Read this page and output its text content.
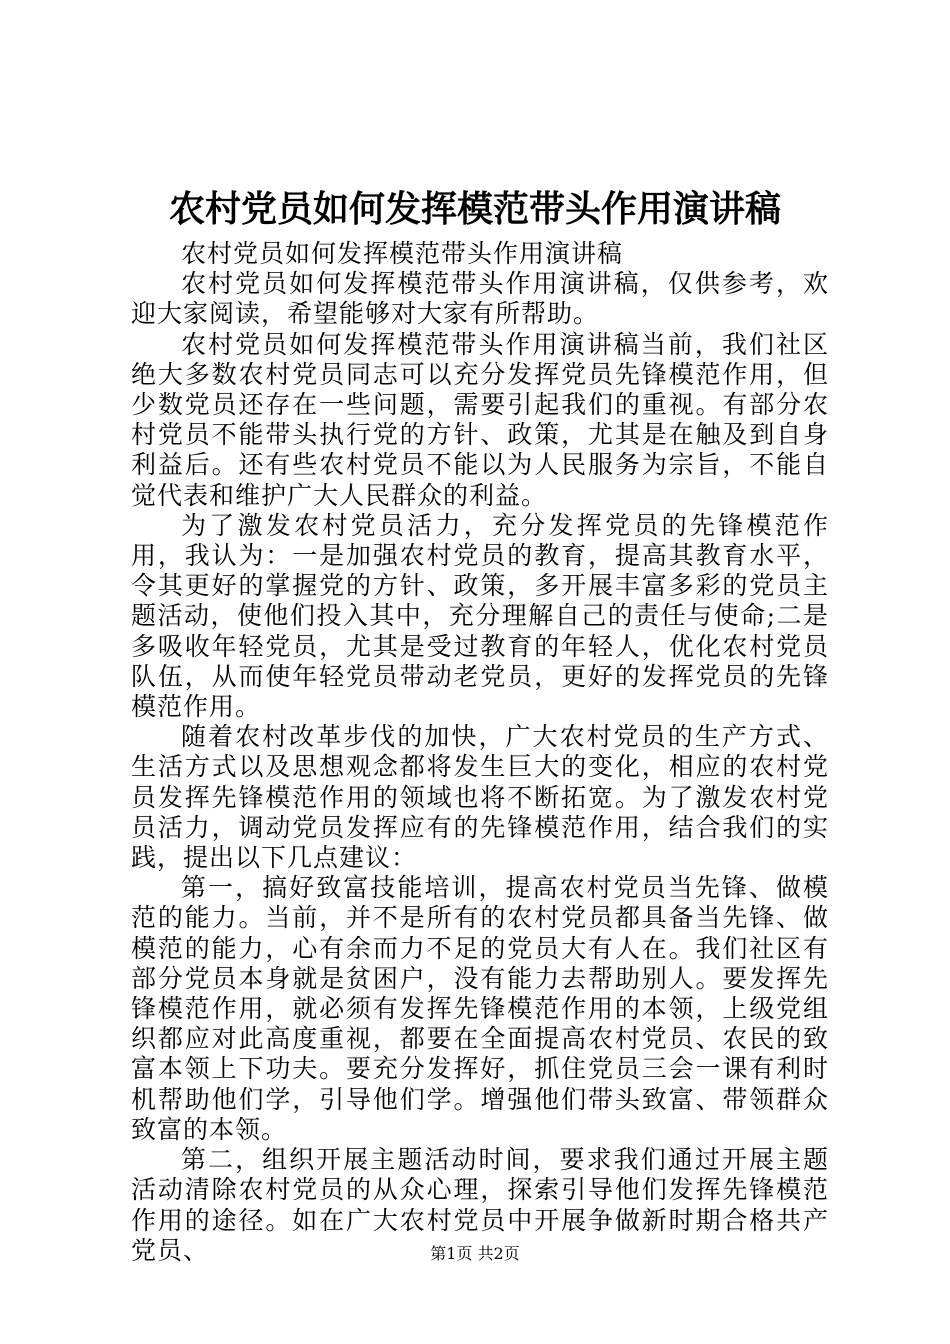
农村党员如何发挥模范带头作用演讲稿

农村党员如何发挥模范带头作用演讲稿

农村党员如何发挥模范带头作用演讲稿，仅供参考，欢迎大家阅读，希望能够对大家有所帮助。

农村党员如何发挥模范带头作用演讲稿当前，我们社区绝大多数农村党员同志可以充分发挥党员先锋模范作用，但少数党员还存在一些问题，需要引起我们的重视。有部分农村党员不能带头执行党的方针、政策，尤其是在触及到自身利益后。还有些农村党员不能以为人民服务为宗旨，不能自觉代表和维护广大人民群众的利益。

为了激发农村党员活力，充分发挥党员的先锋模范作用，我认为：一是加强农村党员的教育，提高其教育水平，令其更好的掌握党的方针、政策，多开展丰富多彩的党员主题活动，使他们投入其中，充分理解自己的责任与使命;二是多吸收年轻党员，尤其是受过教育的年轻人，优化农村党员队伍，从而使年轻党员带动老党员，更好的发挥党员的先锋模范作用。

随着农村改革步伐的加快，广大农村党员的生产方式、生活方式以及思想观念都将发生巨大的变化，相应的农村党员发挥先锋模范作用的领域也将不断拓宽。为了激发农村党员活力，调动党员发挥应有的先锋模范作用，结合我们的实践，提出以下几点建议：

第一，搞好致富技能培训，提高农村党员当先锋、做模范的能力。当前，并不是所有的农村党员都具备当先锋、做模范的能力，心有余而力不足的党员大有人在。我们社区有部分党员本身就是贫困户，没有能力去帮助别人。要发挥先锋模范作用，就必须有发挥先锋模范作用的本领，上级党组织都应对此高度重视，都要在全面提高农村党员、农民的致富本领上下功夫。要充分发挥好，抓住党员三会一课有利时机帮助他们学，引导他们学。增强他们带头致富、带领群众致富的本领。

第二，组织开展主题活动时间，要求我们通过开展主题活动清除农村党员的从众心理，探索引导他们发挥先锋模范作用的途径。如在广大农村党员中开展争做新时期合格共产党员、	第1页 共2页
